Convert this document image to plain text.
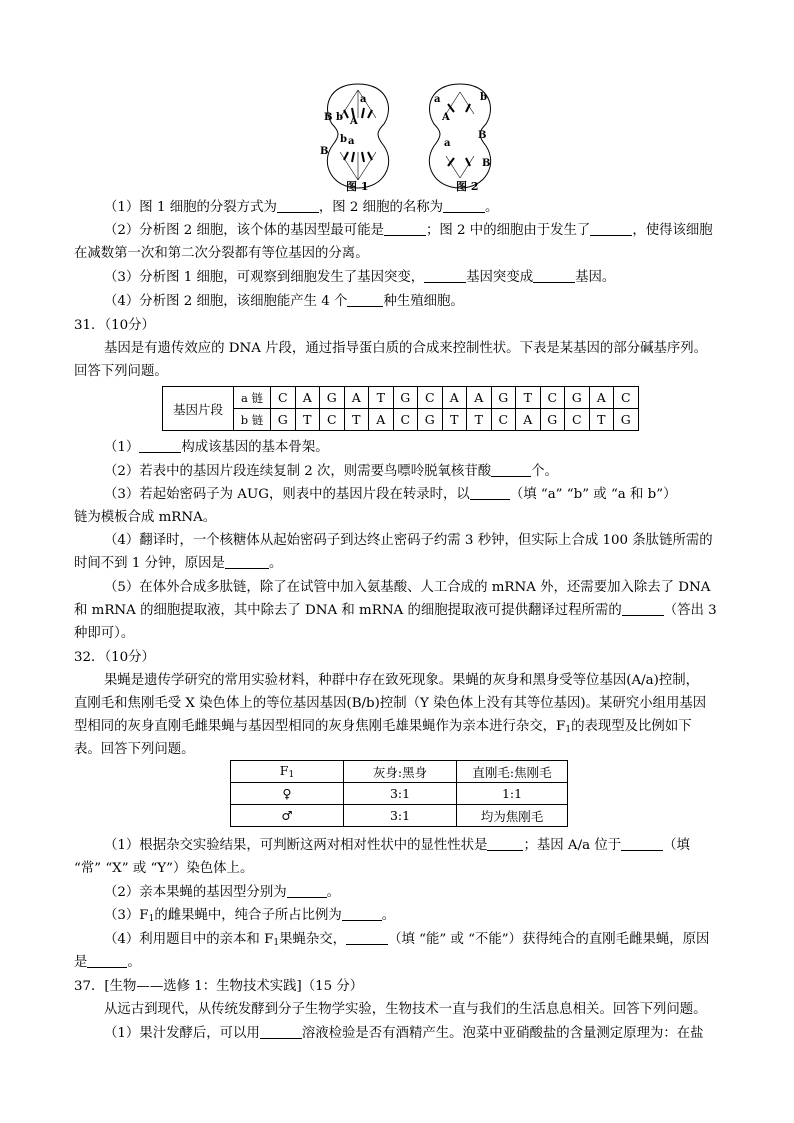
a
B b A
b a
B
a	b
A
a
B
B
图 1	图 2
（1）图 1 细胞的分裂方式为	，图 2 细胞的名称为	。
（2）分析图 2 细胞，该个体的基因型最可能是	；图 2 中的细胞由于发生了	，使得该细胞
在减数第一次和第二次分裂都有等位基因的分离。
（3）分析图 1 细胞，可观察到细胞发生了基因突变，	基因突变成	基因。
（4）分析图 2 细胞，该细胞能产生 4 个	种生殖细胞。
31．（10分）
基因是有遗传效应的 DNA 片段，通过指导蛋白质的合成来控制性状。下表是某基因的部分碱基序列。
回答下列问题。
基因片段	a 链	C	A	G	A	T	G	C	A	A	G	T	C	G	A	C
	b 链	G	T	C	T	A	C	G	T	T	C	A	G	C	T	G
（1）	构成该基因的基本骨架。
（2）若表中的基因片段连续复制 2 次，则需要鸟嘌呤脱氧核苷酸	个。
（3）若起始密码子为 AUG，则表中的基因片段在转录时，以	（填 “a” “b” 或 “a 和 b”）
链为模板合成 mRNA。
（4）翻译时，一个核糖体从起始密码子到达终止密码子约需 3 秒钟，但实际上合成 100 条肽链所需的
时间不到 1 分钟，原因是	。
（5）在体外合成多肽链，除了在试管中加入氨基酸、人工合成的 mRNA 外，还需要加入除去了 DNA
和 mRNA 的细胞提取液，其中除去了 DNA 和 mRNA 的细胞提取液可提供翻译过程所需的	（答出 3
种即可）。
32．（10分）
果蝇是遗传学研究的常用实验材料，种群中存在致死现象。果蝇的灰身和黑身受等位基因(A/a)控制，
直刚毛和焦刚毛受 X 染色体上的等位基因基因(B/b)控制（Y 染色体上没有其等位基因)。某研究小组用基因
型相同的灰身直刚毛雌果蝇与基因型相同的灰身焦刚毛雄果蝇作为亲本进行杂交，$F_1$的表现型及比例如下
表。回答下列问题。
$F_1$	灰身:黑身	直刚毛:焦刚毛
♀	3:1	1:1
♂	3:1	均为焦刚毛
（1）根据杂交实验结果，可判断这两对相对性状中的显性性状是	；基因 A/a 位于	（填
“常” “X” 或 “Y”）染色体上。
（2）亲本果蝇的基因型分别为	。
$(3)F_1$的雌果蝇中，纯合子所占比例为	。
（4）利用题目中的亲本和 $F_1$果蝇杂交，	（填 “能” 或 “不能”）获得纯合的直刚毛雌果蝇，原因
是	。
37．[生物——选修 1：生物技术实践]（15 分）
从远古到现代，从传统发酵到分子生物学实验，生物技术一直与我们的生活息息相关。回答下列问题。
（1）果汁发酵后，可以用	溶液检验是否有酒精产生。泡菜中亚硝酸盐的含量测定原理为：在盐
